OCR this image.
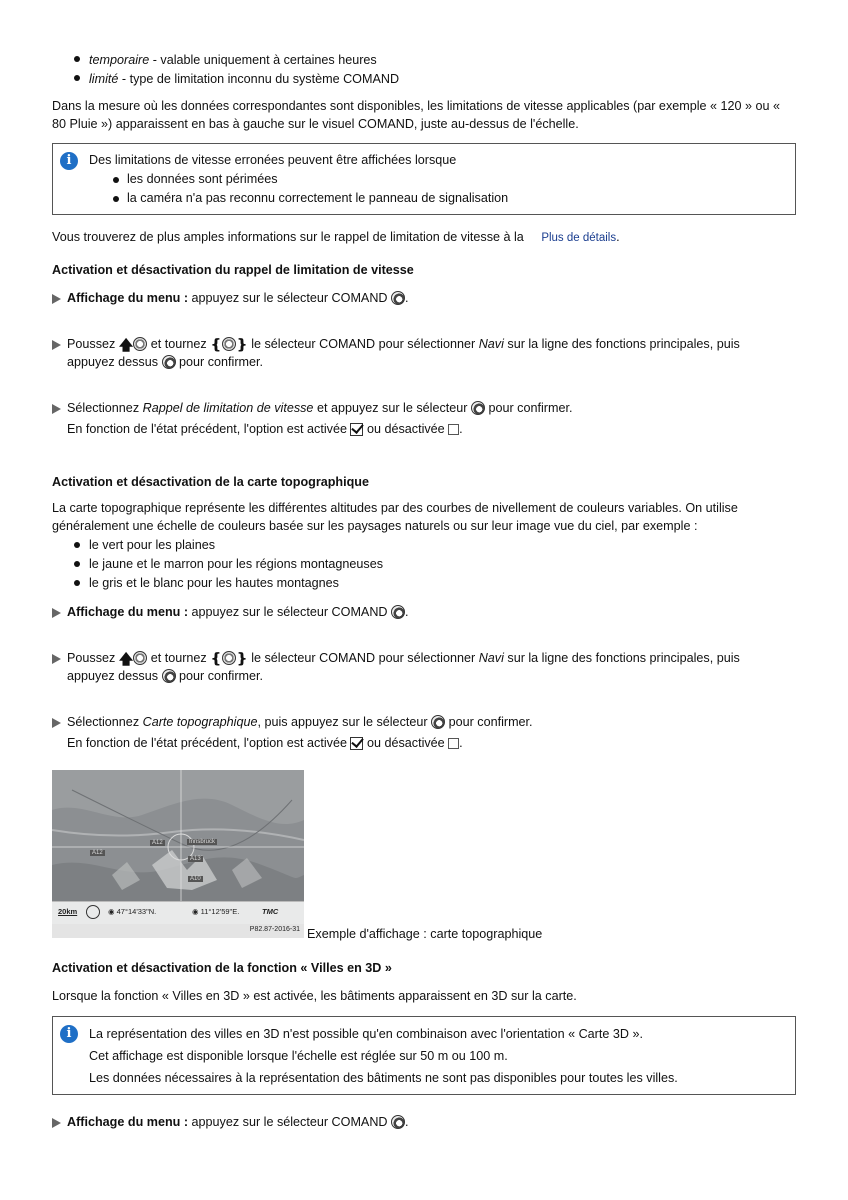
temporaire - valable uniquement à certaines heures
limité - type de limitation inconnu du système COMAND
Dans la mesure où les données correspondantes sont disponibles, les limitations de vitesse applicables (par exemple « 120 » ou «
80 Pluie ») apparaissent en bas à gauche sur le visuel COMAND, juste au-dessus de l'échelle.
i	Des limitations de vitesse erronées peuvent être affichées lorsque
les données sont périmées
la caméra n'a pas reconnu correctement le panneau de signalisation
Vous trouverez de plus amples informations sur le rappel de limitation de vitesse à la Plus de détails.
Activation et désactivation du rappel de limitation de vitesse
Affichage du menu : appuyez sur le sélecteur COMAND .
Poussez 🡅 et tournez ❴ ❵ le sélecteur COMAND pour sélectionner Navi sur la ligne des fonctions principales, puis
appuyez dessus pour confirmer.
Sélectionnez Rappel de limitation de vitesse et appuyez sur le sélecteur pour confirmer.
En fonction de l'état précédent, l'option est activée ou désactivée .
Activation et désactivation de la carte topographique
La carte topographique représente les différentes altitudes par des courbes de nivellement de couleurs variables. On utilise
généralement une échelle de couleurs basée sur les paysages naturels ou sur leur image vue du ciel, par exemple :
le vert pour les plaines
le jaune et le marron pour les régions montagneuses
le gris et le blanc pour les hautes montagnes
Affichage du menu : appuyez sur le sélecteur COMAND .
Poussez 🡅 et tournez ❴ ❵ le sélecteur COMAND pour sélectionner Navi sur la ligne des fonctions principales, puis
appuyez dessus pour confirmer.
Sélectionnez Carte topographique, puis appuyez sur le sélecteur pour confirmer.
En fonction de l'état précédent, l'option est activée ou désactivée .
Innsbruck
A12
A13
A10
A12
20km	◉ 47°14'33"N.	◉ 11°12'59"E.	TMC
P82.87-2016-31 Exemple d'affichage : carte topographique
Activation et désactivation de la fonction « Villes en 3D »
Lorsque la fonction « Villes en 3D » est activée, les bâtiments apparaissent en 3D sur la carte.
i	La représentation des villes en 3D n'est possible qu'en combinaison avec l'orientation « Carte 3D ».
Cet affichage est disponible lorsque l'échelle est réglée sur 50 m ou 100 m.
Les données nécessaires à la représentation des bâtiments ne sont pas disponibles pour toutes les villes.
Affichage du menu : appuyez sur le sélecteur COMAND .
